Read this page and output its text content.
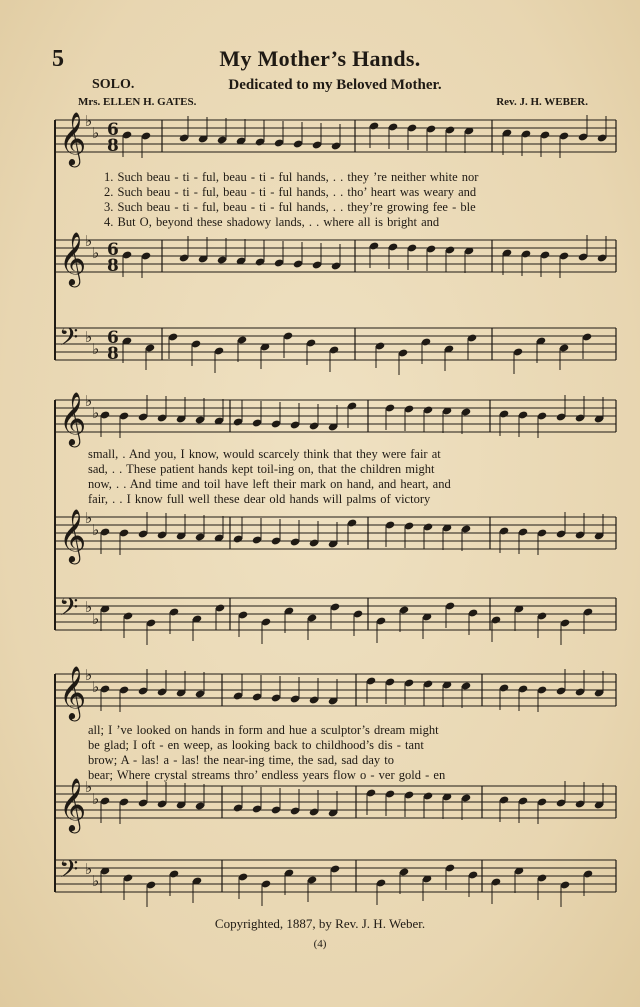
5	My Mother’s Hands.
SOLO.	Dedicated to my Beloved Mother.
Mrs. ELLEN H. GATES.	Rev. J. H. WEBER.
𝄞
♭
♭ 6
8
𝄞
♭
♭ 6
8
𝄢 ♭
♭
6
8
𝄞
♭
♭
𝄞
♭
♭
𝄢 ♭
♭
𝄞
♭
♭
𝄞
♭
♭
𝄢 ♭
♭
1. Such beau - ti - ful, beau - ti - ful hands, . . they ’re neither white nor
2. Such beau - ti - ful, beau - ti - ful hands, . . tho’ heart was weary and
3. Such beau - ti - ful, beau - ti - ful hands, . . they’re growing fee - ble
4. But O, beyond these shadowy lands, . . where all is bright and
small, . And you, I know, would scarcely think that they were fair at
sad, . . These patient hands kept toil-ing on, that the children might
now, . . And time and toil have left their mark on hand, and heart, and
fair, . . I know full well these dear old hands will palms of victory
all; I ’ve looked on hands in form and hue a sculptor’s dream might
be glad; I oft - en weep, as looking back to childhood’s dis - tant
brow; A - las! a - las! the near-ing time, the sad, sad day to
bear; Where crystal streams thro’ endless years flow o - ver gold - en
Copyrighted, 1887, by Rev. J. H. Weber.
(4)
